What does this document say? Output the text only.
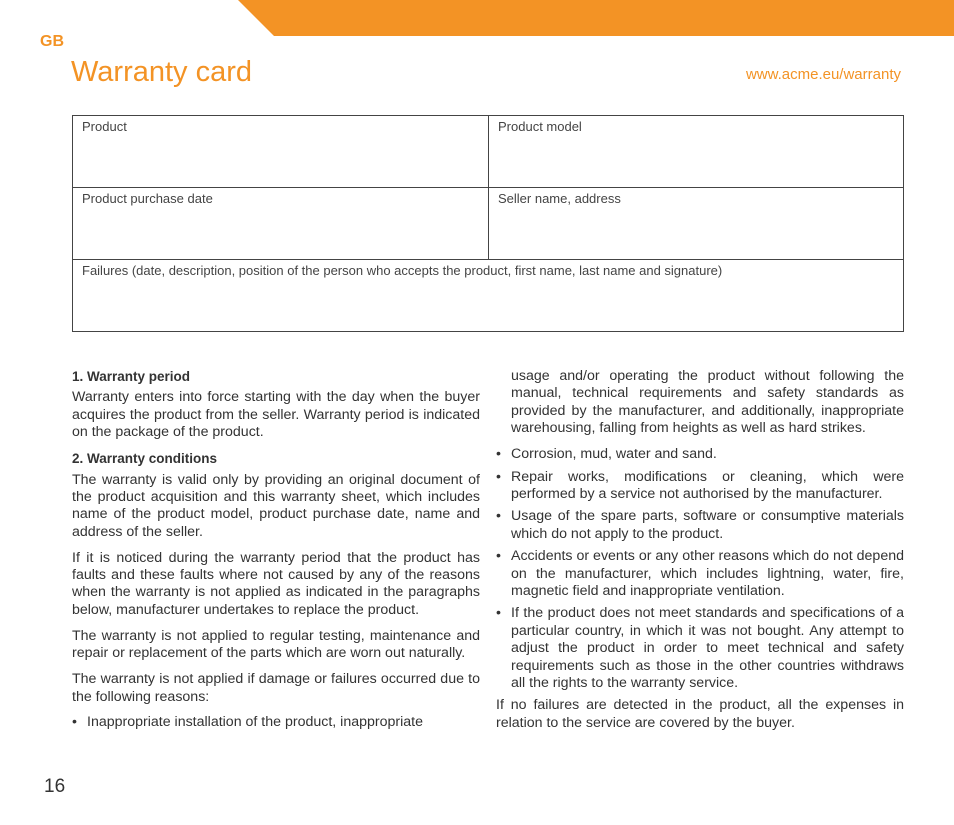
GB
Warranty card	www.acme.eu/warranty
Product	Product model
Product purchase date	Seller name, address
Failures (date, description, position of the person who accepts the product, first name, last name and signature)
1. Warranty period

Warranty enters into force starting with the day when the buyer acquires the product from the seller. Warranty period is indicated on the package of the product.

2. Warranty conditions

The warranty is valid only by providing an original document of the product acquisition and this warranty sheet, which includes name of the product model, product purchase date, name and address of the seller.

If it is noticed during the warranty period that the product has faults and these faults where not caused by any of the reasons when the warranty is not applied as indicated in the paragraphs below, manufacturer undertakes to replace the product.

The warranty is not applied to regular testing, maintenance and repair or replacement of the parts which are worn out naturally.

The warranty is not applied if damage or failures occurred due to the following reasons:

• Inappropriate installation of the product, inappropriate

usage and/or operating the product without following the manual, technical requirements and safety standards as provided by the manufacturer, and additionally, inappropriate warehousing, falling from heights as well as hard strikes.

• Corrosion, mud, water and sand.
• Repair works, modifications or cleaning, which were performed by a service not authorised by the manufacturer.
• Usage of the spare parts, software or consumptive materials which do not apply to the product.
• Accidents or events or any other reasons which do not depend on the manufacturer, which includes lightning, water, fire, magnetic field and inappropriate ventilation.
• If the product does not meet standards and specifications of a particular country, in which it was not bought. Any attempt to adjust the product in order to meet technical and safety requirements such as those in the other countries withdraws all the rights to the warranty service.

If no failures are detected in the product, all the expenses in relation to the service are covered by the buyer.

16
